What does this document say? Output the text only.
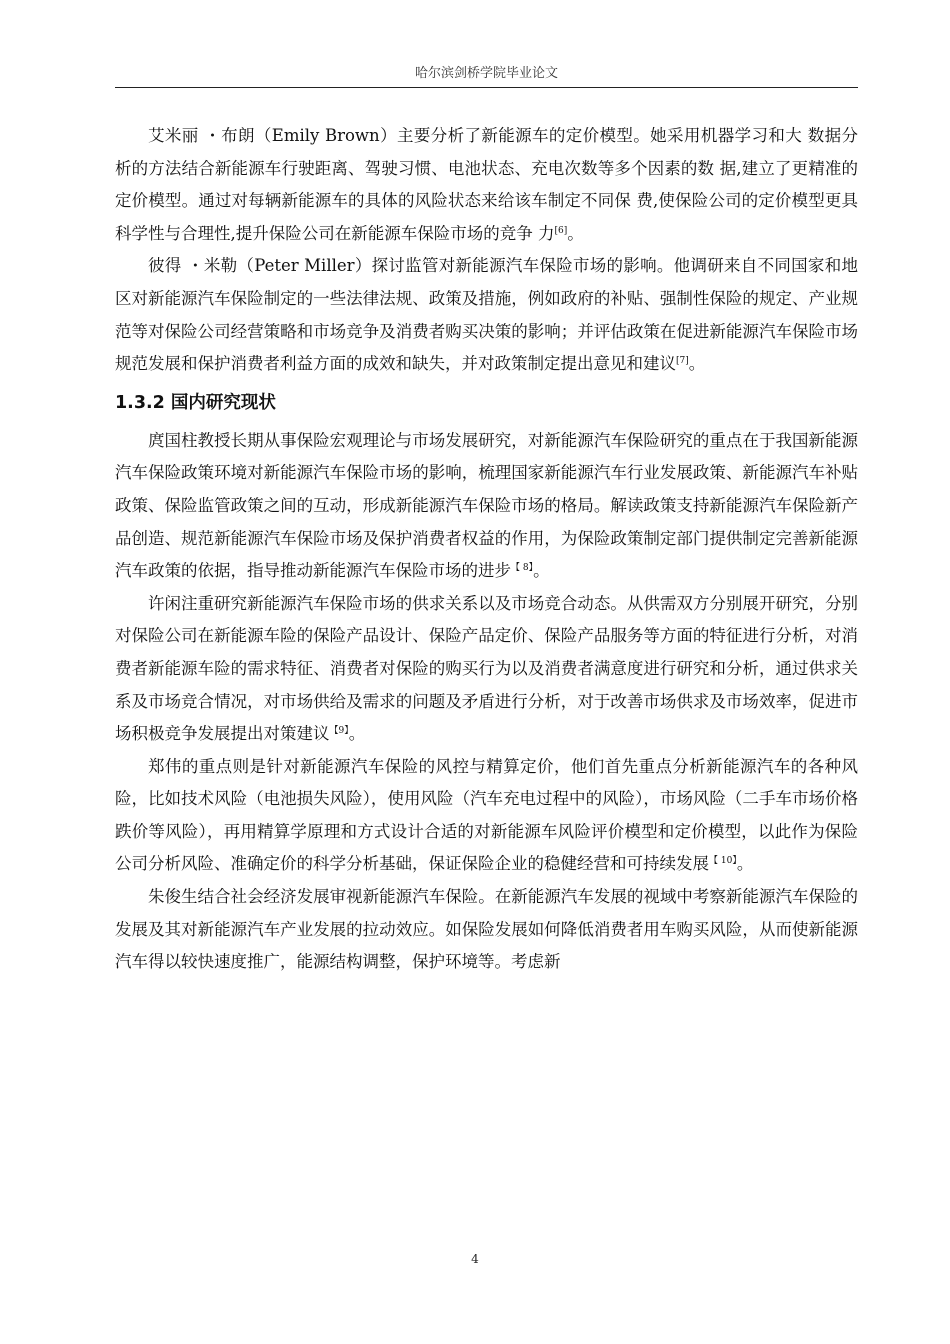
哈尔滨剑桥学院毕业论文

艾米丽 ・布朗（Emily Brown）主要分析了新能源车的定价模型。她采用机器学习和大 数据分析的方法结合新能源车行驶距离、驾驶习惯、电池状态、充电次数等多个因素的数 据,建立了更精准的定价模型。通过对每辆新能源车的具体的风险状态来给该车制定不同保 费,使保险公司的定价模型更具科学性与合理性,提升保险公司在新能源车保险市场的竞争 力[6]。

彼得 ・米勒（Peter Miller）探讨监管对新能源汽车保险市场的影响。他调研来自不同国家和地区对新能源汽车保险制定的一些法律法规、政策及措施，例如政府的补贴、强制性保险的规定、产业规范等对保险公司经营策略和市场竞争及消费者购买决策的影响；并评估政策在促进新能源汽车保险市场规范发展和保护消费者利益方面的成效和缺失，并对政策制定提出意见和建议[7]。

1.3.2 国内研究现状

庹国柱教授长期从事保险宏观理论与市场发展研究，对新能源汽车保险研究的重点在于我国新能源汽车保险政策环境对新能源汽车保险市场的影响，梳理国家新能源汽车行业发展政策、新能源汽车补贴政策、保险监管政策之间的互动，形成新能源汽车保险市场的格局。解读政策支持新能源汽车保险新产品创造、规范新能源汽车保险市场及保护消费者权益的作用，为保险政策制定部门提供制定完善新能源汽车政策的依据，指导推动新能源汽车保险市场的进步$^{【 8】}$。

许闲注重研究新能源汽车保险市场的供求关系以及市场竞合动态。从供需双方分别展开研究，分别对保险公司在新能源车险的保险产品设计、保险产品定价、保险产品服务等方面的特征进行分析，对消费者新能源车险的需求特征、消费者对保险的购买行为以及消费者满意度进行研究和分析，通过供求关系及市场竞合情况，对市场供给及需求的问题及矛盾进行分析，对于改善市场供求及市场效率，促进市场积极竞争发展提出对策建议$^{【9】}$。

郑伟的重点则是针对新能源汽车保险的风控与精算定价，他们首先重点分析新能源汽车的各种风险，比如技术风险（电池损失风险），使用风险（汽车充电过程中的风险），市场风险（二手车市场价格跌价等风险），再用精算学原理和方式设计合适的对新能源车风险评价模型和定价模型，以此作为保险公司分析风险、准确定价的科学分析基础，保证保险企业的稳健经营和可持续发展$^{【 10】}$。

朱俊生结合社会经济发展审视新能源汽车保险。在新能源汽车发展的视域中考察新能源汽车保险的发展及其对新能源汽车产业发展的拉动效应。如保险发展如何降低消费者用车购买风险，从而使新能源汽车得以较快速度推广，能源结构调整，保护环境等。考虑新

4
